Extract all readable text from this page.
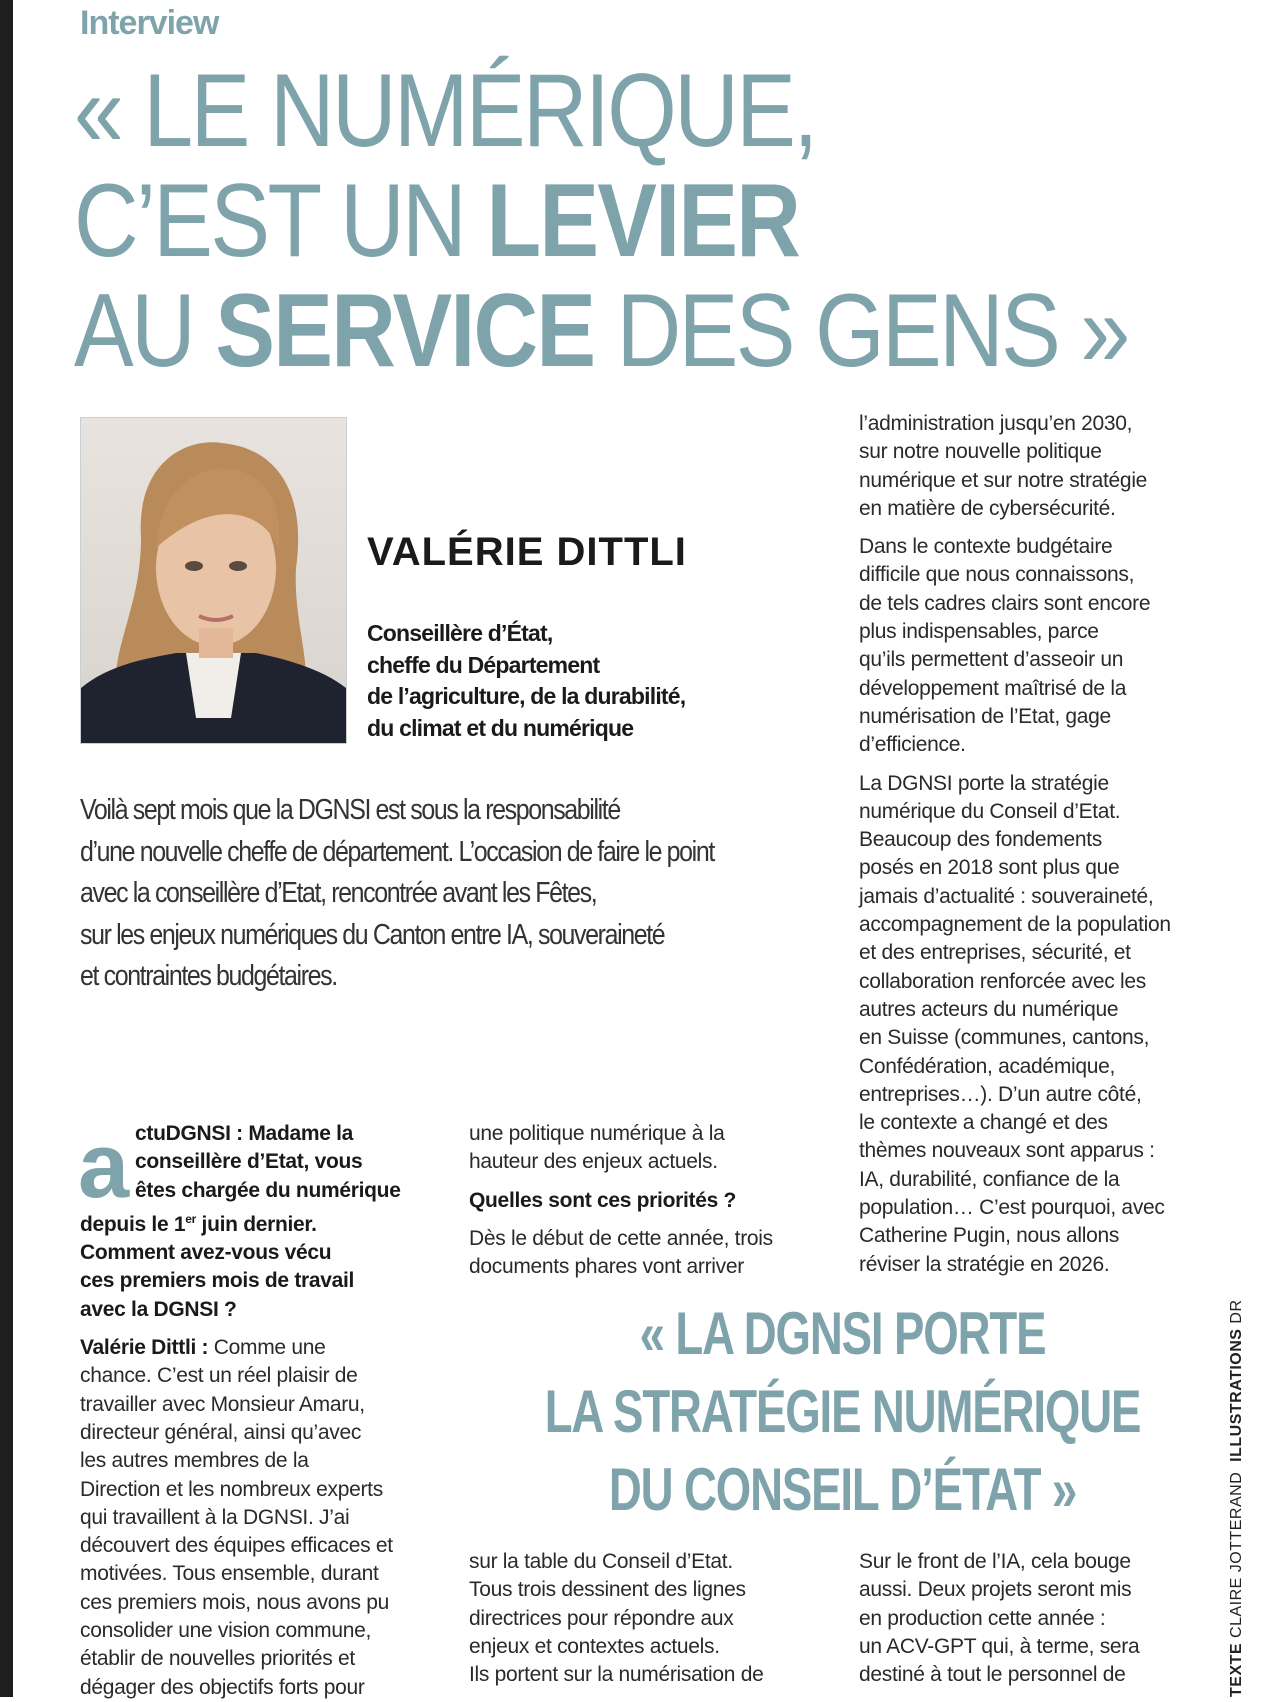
Interview
« LE NUMÉRIQUE,
C’EST UN LEVIER
AU SERVICE DES GENS »
VALÉRIE DITTLI
Conseillère d’État,
cheffe du Département
de l’agriculture, de la durabilité,
du climat et du numérique
Voilà sept mois que la DGNSI est sous la responsabilité
d’une nouvelle cheffe de département. L’occasion de faire le point
avec la conseillère d’Etat, rencontrée avant les Fêtes,
sur les enjeux numériques du Canton entre IA, souveraineté
et contraintes budgétaires.

l’administration jusqu’en 2030,
sur notre nouvelle politique
numérique et sur notre stratégie
en matière de cybersécurité.

Dans le contexte budgétaire
difficile que nous connaissons,
de tels cadres clairs sont encore
plus indispensables, parce
qu’ils permettent d’asseoir un
développement maîtrisé de la
numérisation de l’Etat, gage
d’efficience.

La DGNSI porte la stratégie
numérique du Conseil d’Etat.
Beaucoup des fondements
posés en 2018 sont plus que
jamais d’actualité : souveraineté,
accompagnement de la population
et des entreprises, sécurité, et
collaboration renforcée avec les
autres acteurs du numérique
en Suisse (communes, cantons,
Confédération, académique,
entreprises…). D’un autre côté,
le contexte a changé et des
thèmes nouveaux sont apparus :
IA, durabilité, confiance de la
population… C’est pourquoi, avec
Catherine Pugin, nous allons
réviser la stratégie en 2026.

a ctuDGNSI : Madame la
conseillère d’Etat, vous
êtes chargée du numérique
depuis le 1er juin dernier.

Comment avez-vous vécu
ces premiers mois de travail
avec la DGNSI ?

Valérie Dittli : Comme une
chance. C’est un réel plaisir de
travailler avec Monsieur Amaru,
directeur général, ainsi qu’avec
les autres membres de la
Direction et les nombreux experts
qui travaillent à la DGNSI. J’ai
découvert des équipes efficaces et
motivées. Tous ensemble, durant
ces premiers mois, nous avons pu
consolider une vision commune,
établir de nouvelles priorités et
dégager des objectifs forts pour

une politique numérique à la
hauteur des enjeux actuels.

Quelles sont ces priorités ?

Dès le début de cette année, trois
documents phares vont arriver

« LA DGNSI PORTE
LA STRATÉGIE NUMÉRIQUE
DU CONSEIL D’ÉTAT »
sur la table du Conseil d’Etat.
Tous trois dessinent des lignes
directrices pour répondre aux
enjeux et contextes actuels.
Ils portent sur la numérisation de
Sur le front de l’IA, cela bouge
aussi. Deux projets seront mis
en production cette année :
un ACV-GPT qui, à terme, sera
destiné à tout le personnel de	TEXTE CLAIRE JOTTERAND  ILLUSTRATIONS DR
